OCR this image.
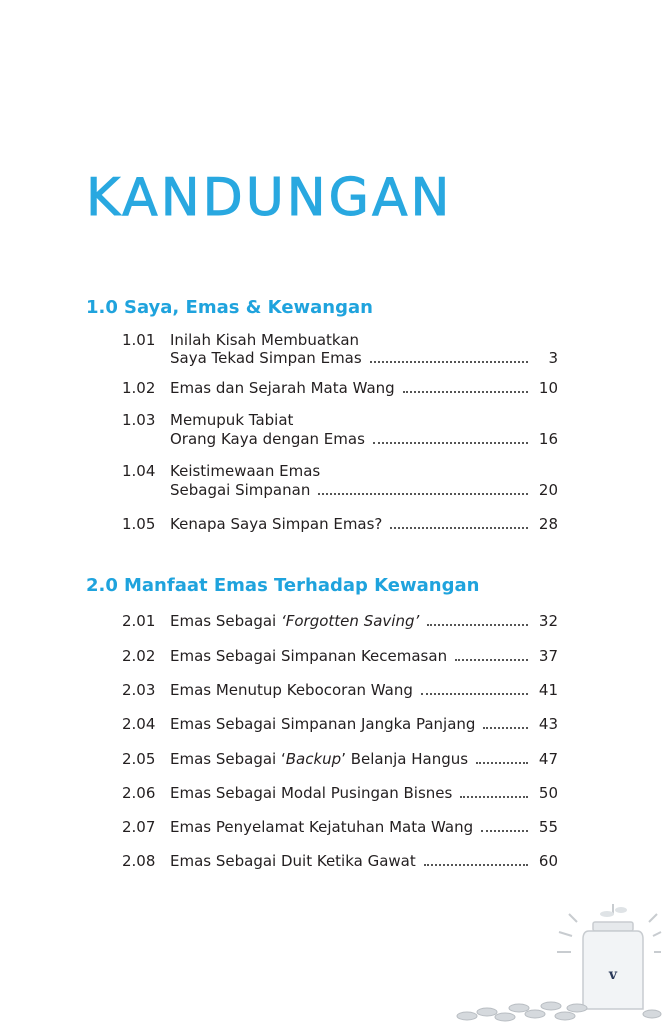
KANDUNGAN
1.0 Saya, Emas & Kewangan
1.01 Inilah Kisah Membuatkan
Saya Tekad Simpan Emas	3
1.02 Emas dan Sejarah Mata Wang	10
1.03 Memupuk Tabiat
Orang Kaya dengan Emas	16
1.04 Keistimewaan Emas
Sebagai Simpanan	20
1.05 Kenapa Saya Simpan Emas?	28
2.0 Manfaat Emas Terhadap Kewangan
2.01 Emas Sebagai ‘Forgotten Saving’	32
2.02 Emas Sebagai Simpanan Kecemasan	37
2.03 Emas Menutup Kebocoran Wang	41
2.04 Emas Sebagai Simpanan Jangka Panjang	43
2.05 Emas Sebagai ‘Backup’ Belanja Hangus	47
2.06 Emas Sebagai Modal Pusingan Bisnes	50
2.07 Emas Penyelamat Kejatuhan Mata Wang	55
2.08 Emas Sebagai Duit Ketika Gawat	60
v
